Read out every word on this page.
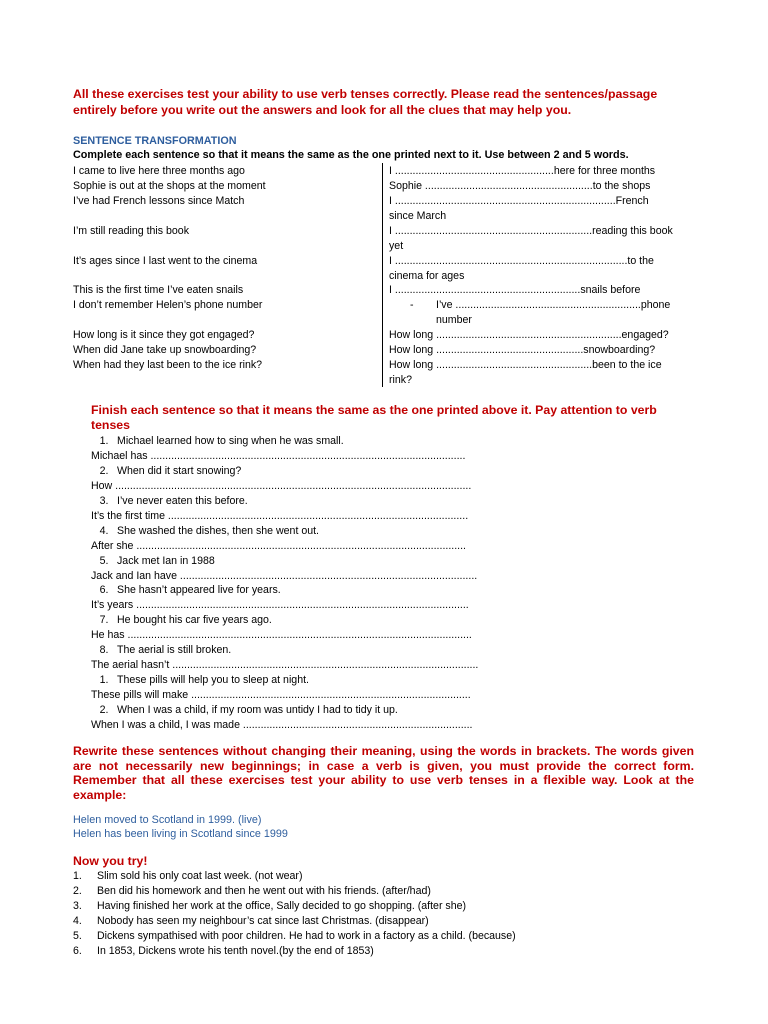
All these exercises test your ability to use verb tenses correctly. Please read the sentences/passage entirely before you write out the answers and look for all the clues that may help you.
SENTENCE TRANSFORMATION
Complete each sentence so that it means the same as the one printed next to it. Use between 2 and 5 words.
I came to live here three months ago
Sophie is out at the shops at the moment
I’ve had French lessons since Match
I’m still reading this book
It’s ages since I last went to the cinema
This is the first time I’ve eaten snails
I don’t remember Helen’s phone number
How long is it since they got engaged?
When did Jane take up snowboarding?
When had they last been to the ice rink?
I ......................................................here for three months
Sophie .........................................................to the shops
I ...........................................................................French
since March
I ...................................................................reading this book
yet
I ...............................................................................to the
cinema for ages
I ...............................................................snails before
-	I’ve ...............................................................phone
number
How long ...............................................................engaged?
How long ..................................................snowboarding?
How long .....................................................been to the ice
rink?
Finish each sentence so that it means the same as the one printed above it. Pay attention to verb tenses
1. Michael learned how to sing when he was small.
Michael has ...........................................................................................................
2. When did it start snowing?
How .........................................................................................................................
3. I’ve never eaten this before.
It’s the first time ......................................................................................................
4. She washed the dishes, then she went out.
After she ................................................................................................................
5. Jack met Ian in 1988
Jack and Ian have .....................................................................................................
6. She hasn’t appeared live for years.
It’s years .................................................................................................................
7. He bought his car five years ago.
He has .....................................................................................................................
8. The aerial is still broken.
The aerial hasn’t ........................................................................................................
1. These pills will help you to sleep at night.
These pills will make ...............................................................................................
2. When I was a child, if my room was untidy I had to tidy it up.
When I was a child, I was made ..............................................................................
Rewrite these sentences without changing their meaning, using the words in brackets. The words given are not necessarily new beginnings; in case a verb is given, you must provide the correct form. Remember that all these exercises test your ability to use verb tenses in a flexible way. Look at the example:
Helen moved to Scotland in 1999. (live)
Helen has been living in Scotland since 1999
Now you try!
1. Slim sold his only coat last week. (not wear)
2. Ben did his homework and then he went out with his friends. (after/had)
3. Having finished her work at the office, Sally decided to go shopping. (after she)
4. Nobody has seen my neighbour’s cat since last Christmas. (disappear)
5. Dickens sympathised with poor children. He had to work in a factory as a child. (because)
6. In 1853, Dickens wrote his tenth novel.(by the end of 1853)
